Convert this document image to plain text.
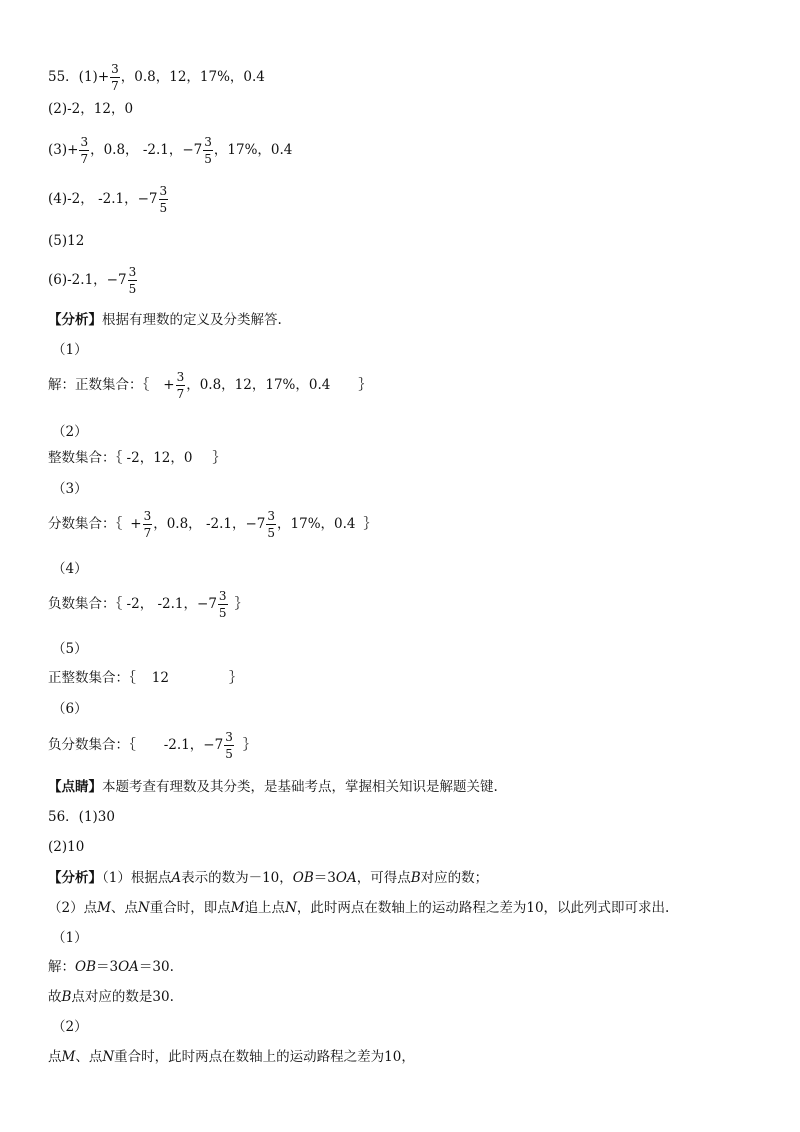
55．$(1)+ \frac{3}{7}$ ，0.8，12，17%，0.4
(2)-2，12，0
$(3)+ \frac{3}{7}$ ，0.8， -2.1，$-7 \frac{3}{5}$ ，17%，0.4
(4)-2， -2.1，$-7 \frac{3}{5}$
(5)12
(6)-2.1，$-7 \frac{3}{5}$
【分析】根据有理数的定义及分类解答.
（1）
解：正数集合：｛ + $\frac{3}{7}$ ，0.8，12，17%，0.4 ｝
（2）
整数集合：｛ -2，12，0 ｝
（3）
分数集合：｛ + $\frac{3}{7}$ ，0.8， -2.1，$-7 \frac{3}{5}$ ，17%，0.4 ｝
（4）
负数集合：｛ -2， -2.1，$-7 \frac{3}{5}$ ｝
（5）
正整数集合：｛ 12	｝
（6）
负分数集合：｛ -2.1，$-7 \frac{3}{5}$ ｝
【点睛】本题考查有理数及其分类，是基础考点，掌握相关知识是解题关键.
56．(1)30
(2)10
【分析】（1）根据点A表示的数为－10，OB＝3OA，可得点B对应的数；
（2）点M、点N重合时，即点M追上点N，此时两点在数轴上的运动路程之差为10，以此列式即可求出.
（1）
解：OB＝3OA＝30.
故B点对应的数是30.
（2）
点M、点N重合时，此时两点在数轴上的运动路程之差为10，
